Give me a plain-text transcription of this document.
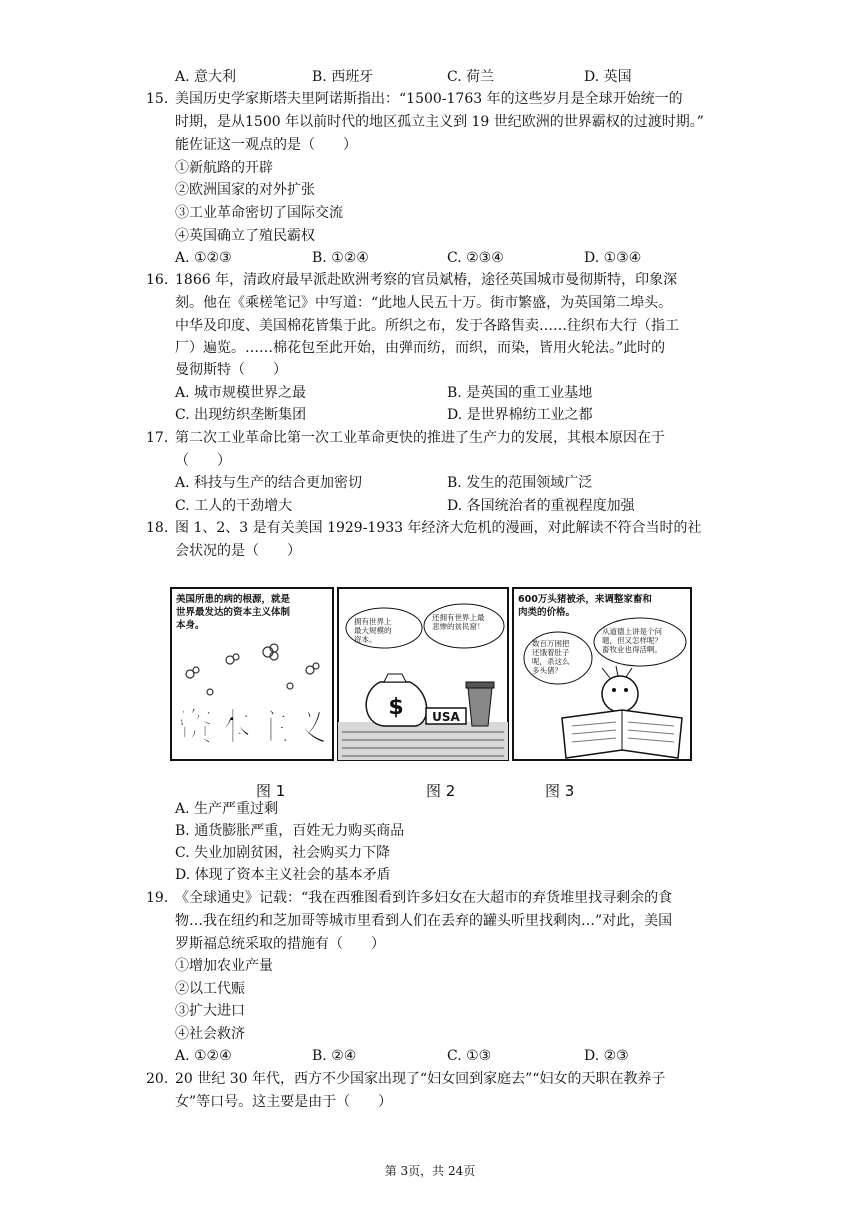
A. 意大利	B. 西班牙	C. 荷兰	D. 英国
15. 美国历史学家斯塔夫里阿诺斯指出：“1500-1763 年的这些岁月是全球开始统一的
时期，是从1500 年以前时代的地区孤立主义到 19 世纪欧洲的世界霸权的过渡时期。”
能佐证这一观点的是（　　）
①新航路的开辟
②欧洲国家的对外扩张
③工业革命密切了国际交流
④英国确立了殖民霸权
A. ①②③	B. ①②④	C. ②③④	D. ①③④
16. 1866 年，清政府最早派赴欧洲考察的官员斌椿，途径英国城市曼彻斯特，印象深
刻。他在《乘槎笔记》中写道：“此地人民五十万。街市繁盛，为英国第二埠头。
中华及印度、美国棉花皆集于此。所织之布，发于各路售卖……往织布大行（指工
厂）遍览。……棉花包至此开始，由弹而纺，而织，而染，皆用火轮法。”此时的
曼彻斯特（　　）
A. 城市规模世界之最	B. 是英国的重工业基地
C. 出现纺织垄断集团	D. 是世界棉纺工业之都
17. 第二次工业革命比第一次工业革命更快的推进了生产力的发展，其根本原因在于
（　　）
A. 科技与生产的结合更加密切	B. 发生的范围领域广泛
C. 工人的干劲增大	D. 各国统治者的重视程度加强
18. 图 1、2、3 是有关美国 1929-1933 年经济大危机的漫画，对此解读不符合当时的社
会状况的是（　　）
美国所患的病的根源，就是 世界最发达的资本主义体制 本身。
资本主义
拥有世界上 最大规模的 资本。
还拥有世界上最 悲惨的贫民窟！
$ USA
600万头猪被杀，来调整家畜和 肉类的价格。
数百万困把 还饿着肚子 呢，杀这么 多头猪？
从道德上讲是个问 题，但又怎样呢？ 畜牧业也得活啊。
图 1	图 2	图 3
A. 生产严重过剩
B. 通货膨胀严重，百姓无力购买商品
C. 失业加剧贫困，社会购买力下降
D. 体现了资本主义社会的基本矛盾
19. 《全球通史》记载：“我在西雅图看到许多妇女在大超市的弃货堆里找寻剩余的食
物…我在纽约和芝加哥等城市里看到人们在丢弃的罐头听里找剩肉…”对此，美国
罗斯福总统采取的措施有（　　）
①增加农业产量
②以工代赈
③扩大进口
④社会救济
A. ①②④	B. ②④	C. ①③	D. ②③
20. 20 世纪 30 年代，西方不少国家出现了“妇女回到家庭去”“妇女的天职在教养子
女”等口号。这主要是由于（　　）
第 3页，共 24页
